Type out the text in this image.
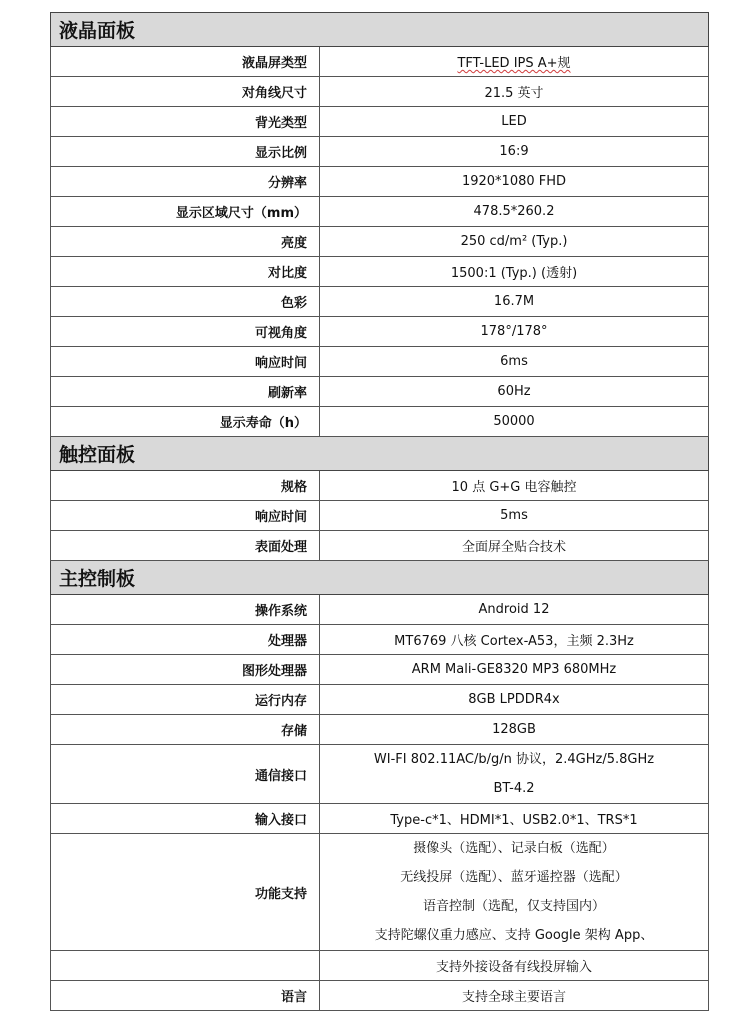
液晶面板	
液晶屏类型	TFT-LED IPS A+规
对角线尺寸	21.5 英寸
背光类型	LED
显示比例	16:9
分辨率	1920*1080 FHD
显示区域尺寸（mm）	478.5*260.2
亮度	250 cd/m² (Typ.)
对比度	1500:1 (Typ.) (透射)
色彩	16.7M
可视角度	178°/178°
响应时间	6ms
刷新率	60Hz
显示寿命（h）	50000
触控面板	
规格	10 点 G+G 电容触控
响应时间	5ms
表面处理	全面屏全贴合技术
主控制板	
操作系统	Android 12
处理器	MT6769 八核 Cortex-A53，主频 2.3Hz
图形处理器	ARM Mali-GE8320 MP3 680MHz
运行内存	8GB LPDDR4x
存储	128GB
通信接口	WI-FI 802.11AC/b/g/n 协议，2.4GHz/5.8GHz
BT-4.2

输入接口	Type-c*1、HDMI*1、USB2.0*1、TRS*1
功能支持	摄像头（选配）、记录白板（选配）
无线投屏（选配）、蓝牙遥控器（选配）
语音控制（选配，仅支持国内）
支持陀螺仪重力感应、支持 Google 架构 App、

	支持外接设备有线投屏输入
语言	支持全球主要语言
